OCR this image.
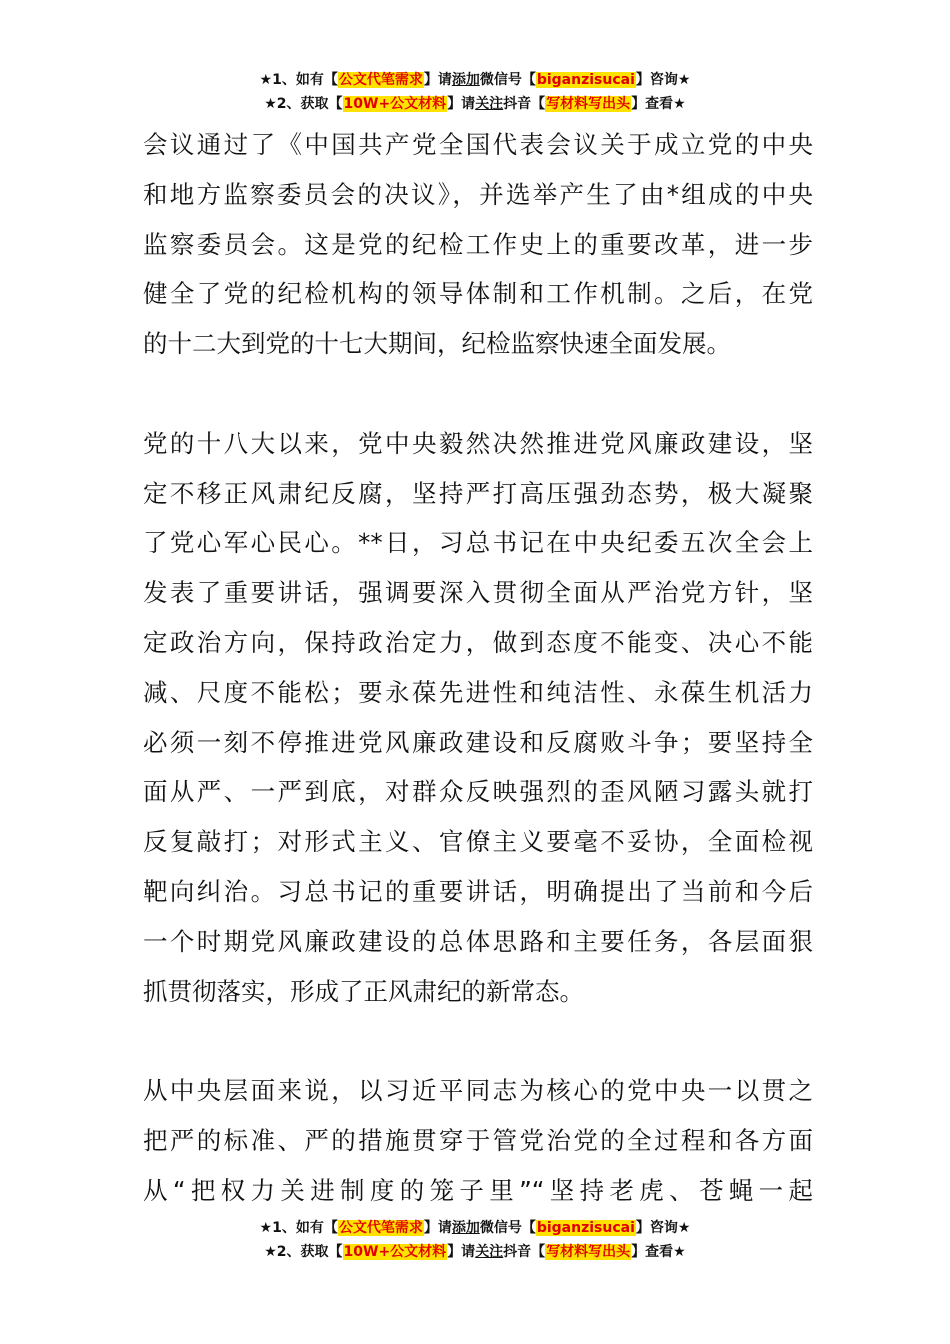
★1、如有【公文代笔需求】请添加微信号【biganzisucai】咨询★
★2、获取【10W+公文材料】请关注抖音【写材料写出头】查看★
会议通过了《中国共产党全国代表会议关于成立党的中央
和地方监察委员会的决议》，并选举产生了由*组成的中央
监察委员会。这是党的纪检工作史上的重要改革，进一步
健全了党的纪检机构的领导体制和工作机制。之后，在党
的十二大到党的十七大期间，纪检监察快速全面发展。
党的十八大以来，党中央毅然决然推进党风廉政建设，坚
定不移正风肃纪反腐，坚持严打高压强劲态势，极大凝聚
了党心军心民心。**日，习总书记在中央纪委五次全会上
发表了重要讲话，强调要深入贯彻全面从严治党方针，坚
定政治方向，保持政治定力，做到态度不能变、决心不能
减、尺度不能松；要永葆先进性和纯洁性、永葆生机活力
必须一刻不停推进党风廉政建设和反腐败斗争；要坚持全
面从严、一严到底，对群众反映强烈的歪风陋习露头就打
反复敲打；对形式主义、官僚主义要毫不妥协，全面检视
靶向纠治。习总书记的重要讲话，明确提出了当前和今后
一个时期党风廉政建设的总体思路和主要任务，各层面狠
抓贯彻落实，形成了正风肃纪的新常态。
从中央层面来说，以习近平同志为核心的党中央一以贯之
把严的标准、严的措施贯穿于管党治党的全过程和各方面
从“把权力关进制度的笼子里”“坚持老虎、苍蝇一起
★1、如有【公文代笔需求】请添加微信号【biganzisucai】咨询★
★2、获取【10W+公文材料】请关注抖音【写材料写出头】查看★
